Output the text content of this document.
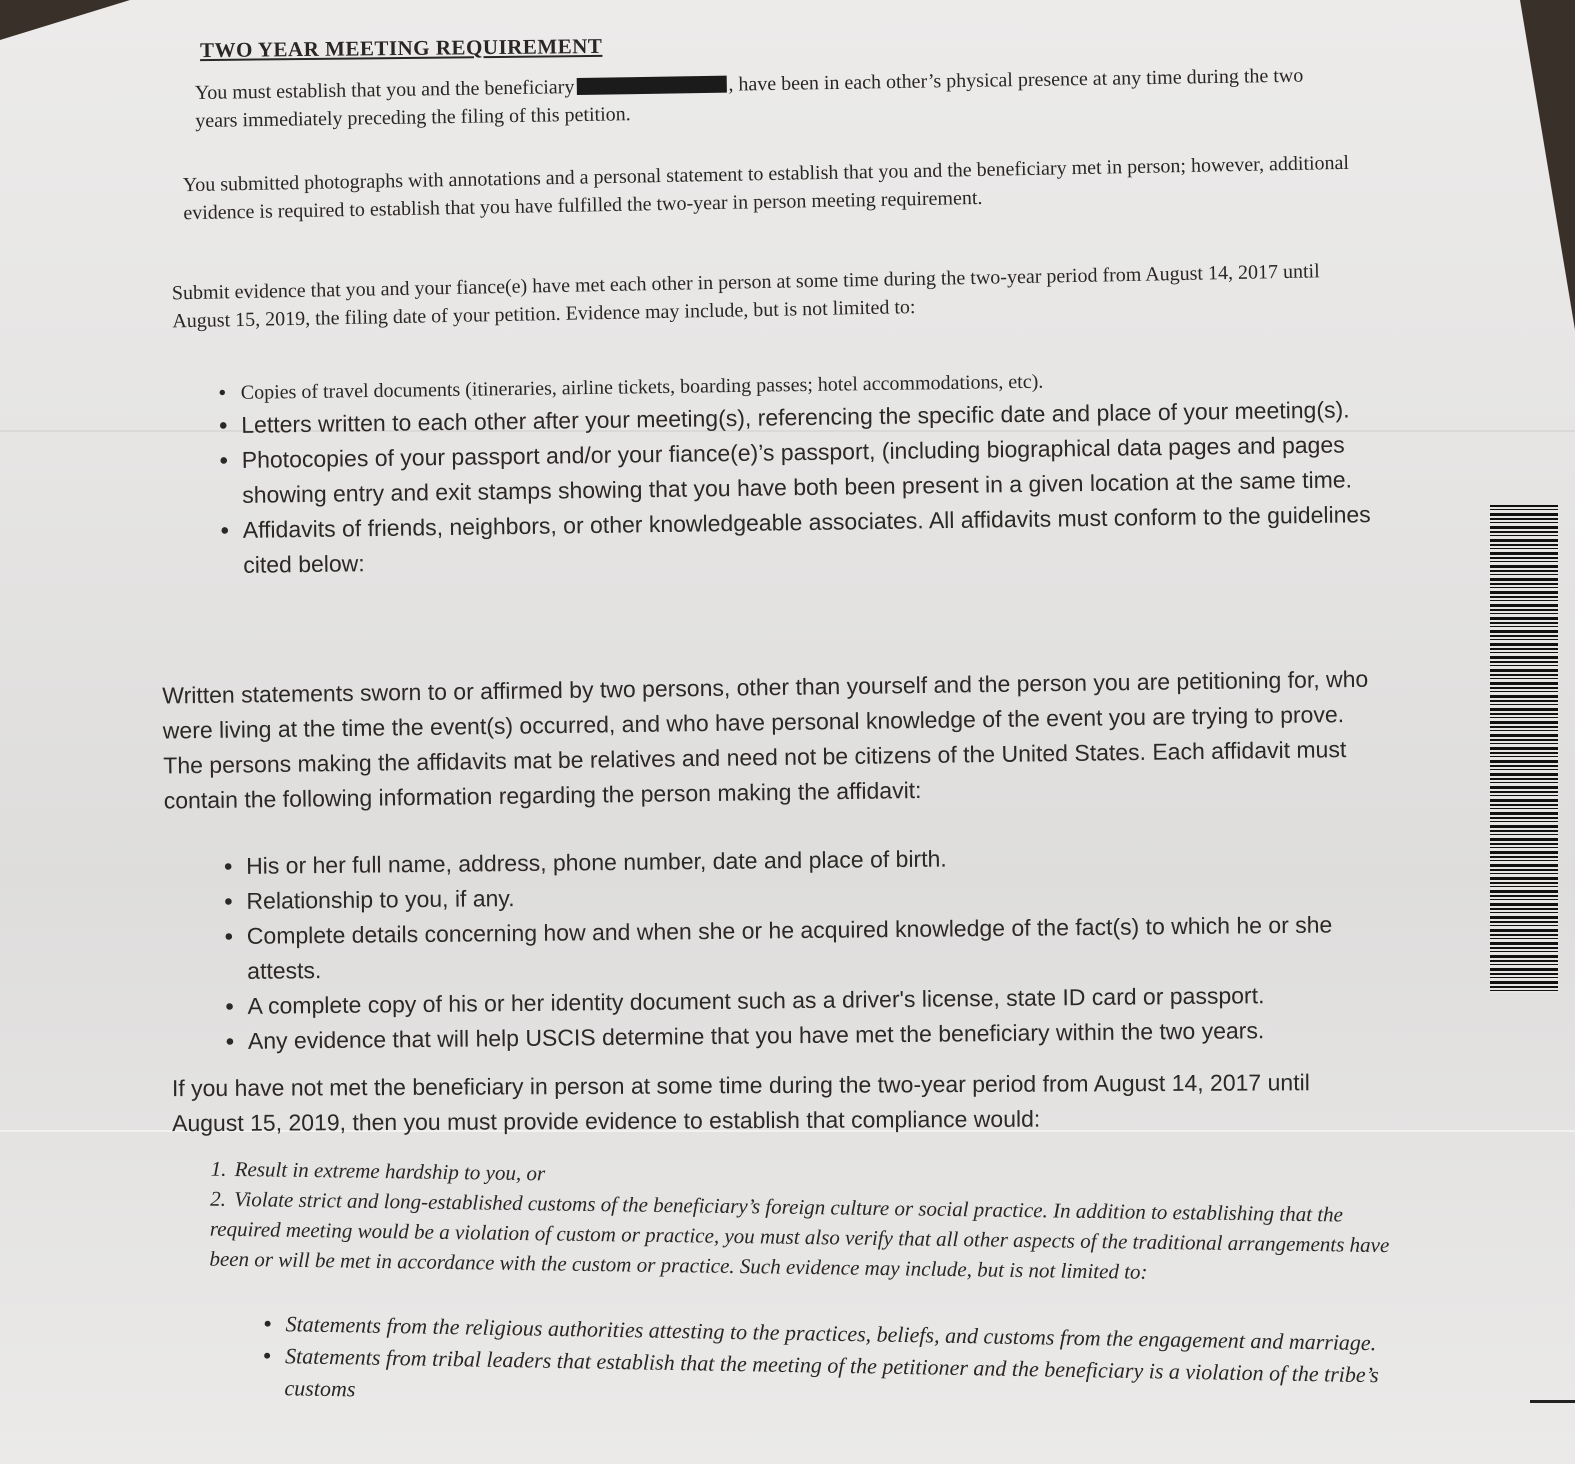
TWO YEAR MEETING REQUIREMENT

You must establish that you and the beneficiary	, have been in each other’s physical presence at any time during the two years immediately preceding the filing of this petition.

You submitted photographs with annotations and a personal statement to establish that you and the beneficiary met in person; however, additional evidence is required to establish that you have fulfilled the two-year in person meeting requirement.

Submit evidence that you and your fiance(e) have met each other in person at some time during the two-year period from August 14, 2017 until August 15, 2019, the filing date of your petition. Evidence may include, but is not limited to:

• Copies of travel documents (itineraries, airline tickets, boarding passes; hotel accommodations, etc).
• Letters written to each other after your meeting(s), referencing the specific date and place of your meeting(s).
• Photocopies of your passport and/or your fiance(e)’s passport, (including biographical data pages and pages showing entry and exit stamps showing that you have both been present in a given location at the same time.
• Affidavits of friends, neighbors, or other knowledgeable associates. All affidavits must conform to the guidelines cited below:

Written statements sworn to or affirmed by two persons, other than yourself and the person you are petitioning for, who were living at the time the event(s) occurred, and who have personal knowledge of the event you are trying to prove. The persons making the affidavits mat be relatives and need not be citizens of the United States. Each affidavit must contain the following information regarding the person making the affidavit:

• His or her full name, address, phone number, date and place of birth.
• Relationship to you, if any.
• Complete details concerning how and when she or he acquired knowledge of the fact(s) to which he or she attests.
• A complete copy of his or her identity document such as a driver's license, state ID card or passport.
• Any evidence that will help USCIS determine that you have met the beneficiary within the two years.

If you have not met the beneficiary in person at some time during the two-year period from August 14, 2017 until August 15, 2019, then you must provide evidence to establish that compliance would:

1. Result in extreme hardship to you, or
2. Violate strict and long-established customs of the beneficiary’s foreign culture or social practice. In addition to establishing that the required meeting would be a violation of custom or practice, you must also verify that all other aspects of the traditional arrangements have been or will be met in accordance with the custom or practice. Such evidence may include, but is not limited to:
• Statements from the religious authorities attesting to the practices, beliefs, and customs from the engagement and marriage.
• Statements from tribal leaders that establish that the meeting of the petitioner and the beneficiary is a violation of the tribe’s customs
